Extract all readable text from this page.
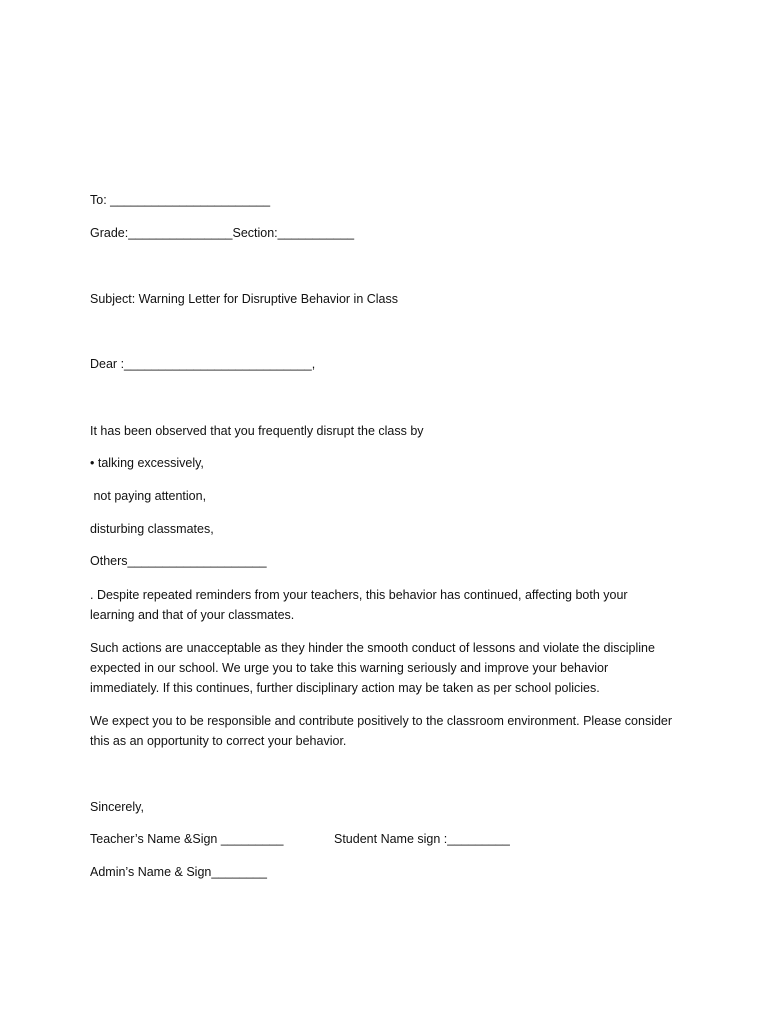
To: _______________________
Grade:_______________Section:___________
Subject: Warning Letter for Disruptive Behavior in Class
Dear :___________________________,
It has been observed that you frequently disrupt the class by
• talking excessively,
not paying attention,
disturbing classmates,
Others____________________
. Despite repeated reminders from your teachers, this behavior has continued, affecting both your learning and that of your classmates.
Such actions are unacceptable as they hinder the smooth conduct of lessons and violate the discipline expected in our school. We urge you to take this warning seriously and improve your behavior immediately. If this continues, further disciplinary action may be taken as per school policies.
We expect you to be responsible and contribute positively to the classroom environment. Please consider this as an opportunity to correct your behavior.
Sincerely,
Teacher’s Name &Sign _________	Student Name sign :_________
Admin’s Name & Sign________
